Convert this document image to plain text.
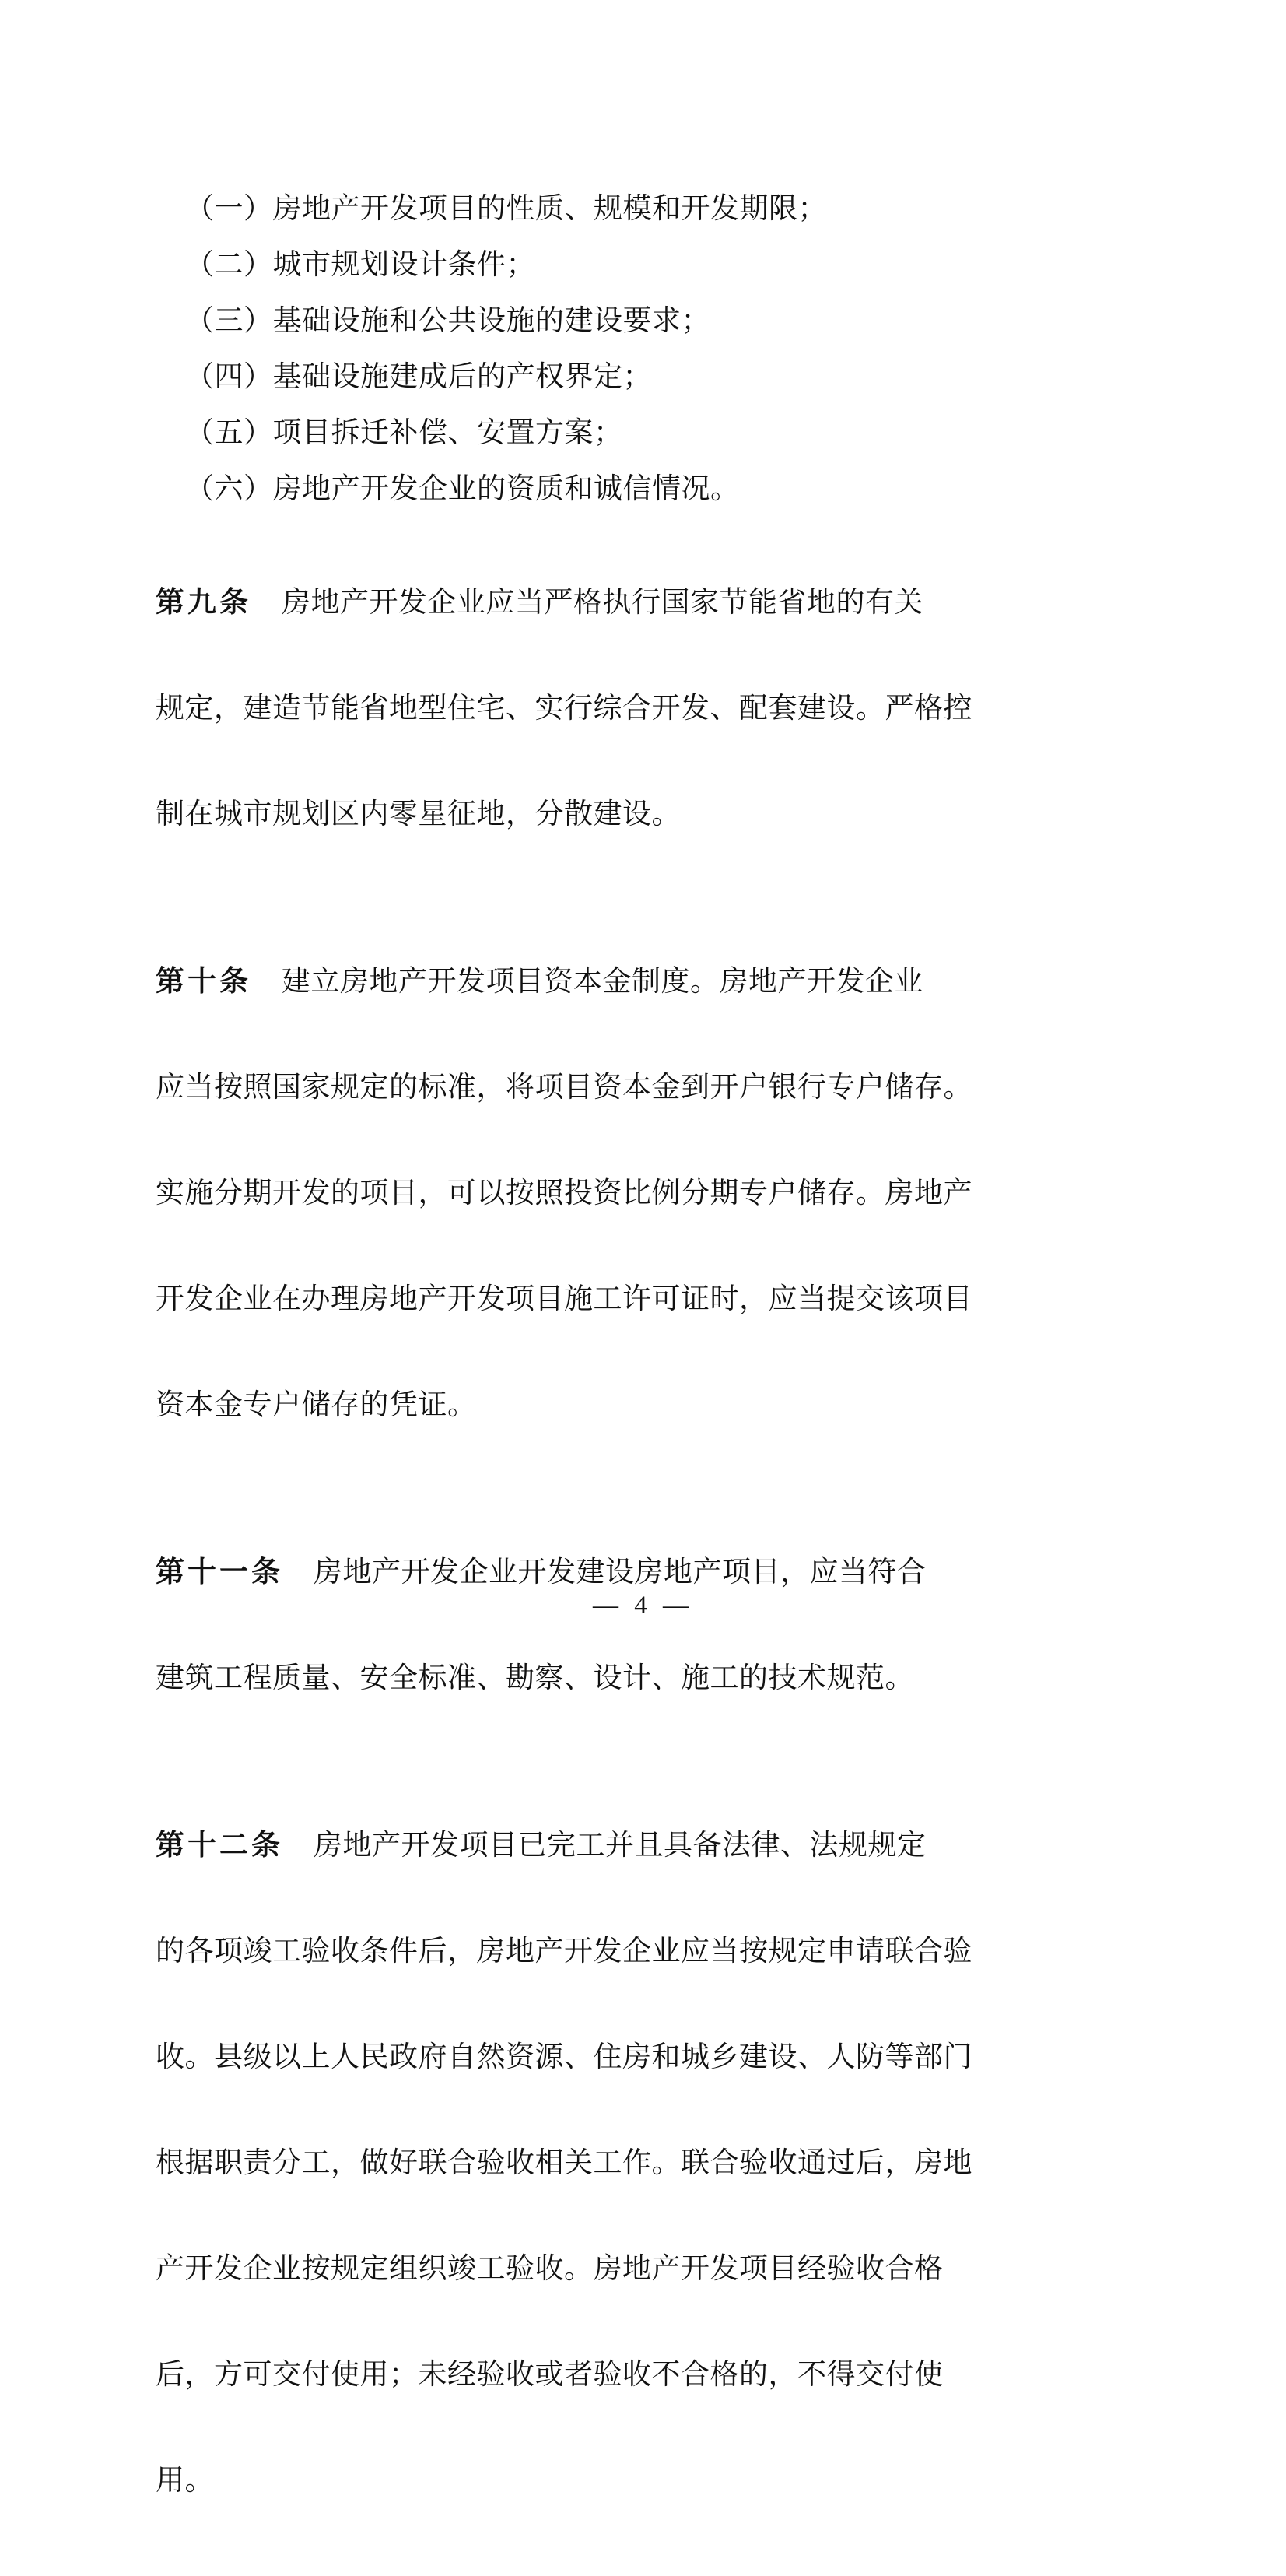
（一）房地产开发项目的性质、规模和开发期限；
（二）城市规划设计条件；
（三）基础设施和公共设施的建设要求；
（四）基础设施建成后的产权界定；
（五）项目拆迁补偿、安置方案；
（六）房地产开发企业的资质和诚信情况。

第九条 房地产开发企业应当严格执行国家节能省地的有关

规定，建造节能省地型住宅、实行综合开发、配套建设。严格控

制在城市规划区内零星征地，分散建设。

第十条 建立房地产开发项目资本金制度。房地产开发企业

应当按照国家规定的标准，将项目资本金到开户银行专户储存。

实施分期开发的项目，可以按照投资比例分期专户储存。房地产

开发企业在办理房地产开发项目施工许可证时，应当提交该项目

资本金专户储存的凭证。

第十一条 房地产开发企业开发建设房地产项目，应当符合

建筑工程质量、安全标准、勘察、设计、施工的技术规范。

第十二条 房地产开发项目已完工并且具备法律、法规规定

的各项竣工验收条件后，房地产开发企业应当按规定申请联合验

收。县级以上人民政府自然资源、住房和城乡建设、人防等部门

根据职责分工，做好联合验收相关工作。联合验收通过后，房地

产开发企业按规定组织竣工验收。房地产开发项目经验收合格

后，方可交付使用；未经验收或者验收不合格的，不得交付使

用。

— 4 —
